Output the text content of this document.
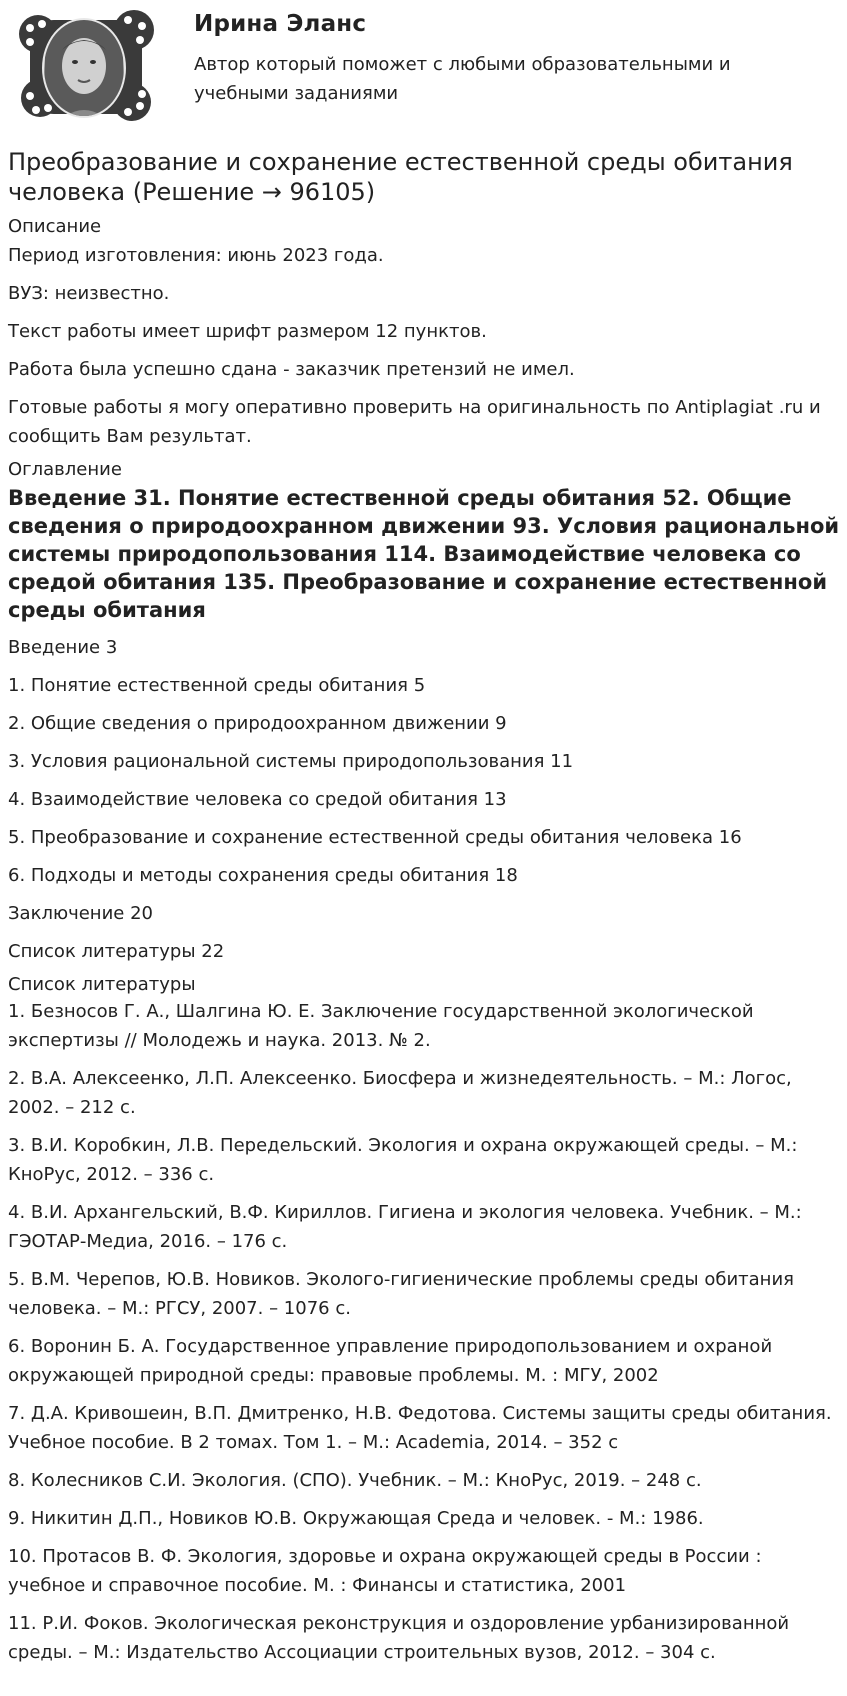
Ирина Эланс
Автор который поможет с любыми образовательными и учебными заданиями
Преобразование и сохранение естественной среды обитания человека (Решение → 96105)
Описание
Период изготовления: июнь 2023 года.
ВУЗ: неизвестно.
Текст работы имеет шрифт размером 12 пунктов.
Работа была успешно сдана - заказчик претензий не имел.
Готовые работы я могу оперативно проверить на оригинальность по Antiplagiat .ru и сообщить Вам результат.
Оглавление
Введение 31. Понятие естественной среды обитания 52. Общие сведения о природоохранном движении 93. Условия рациональной системы природопользования 114. Взаимодействие человека со средой обитания 135. Преобразование и сохранение естественной среды обитания
Введение 3
1. Понятие естественной среды обитания 5
2. Общие сведения о природоохранном движении 9
3. Условия рациональной системы природопользования 11
4. Взаимодействие человека со средой обитания 13
5. Преобразование и сохранение естественной среды обитания человека 16
6. Подходы и методы сохранения среды обитания 18
Заключение 20
Список литературы 22
Список литературы
1. Безносов Г. А., Шалгина Ю. Е. Заключение государственной экологической экспертизы // Молодежь и наука. 2013. № 2.
2. В.А. Алексеенко, Л.П. Алексеенко. Биосфера и жизнедеятельность. – М.: Логос, 2002. – 212 с.
3. В.И. Коробкин, Л.В. Передельский. Экология и охрана окружающей среды. – М.: КноРус, 2012. – 336 с.
4. В.И. Архангельский, В.Ф. Кириллов. Гигиена и экология человека. Учебник. – М.: ГЭОТАР-Медиа, 2016. – 176 с.
5. В.М. Черепов, Ю.В. Новиков. Эколого-гигиенические проблемы среды обитания человека. – М.: РГСУ, 2007. – 1076 с.
6. Воронин Б. А. Государственное управление природопользованием и охраной окружающей природной среды: правовые проблемы. М. : МГУ, 2002
7. Д.А. Кривошеин, В.П. Дмитренко, Н.В. Федотова. Системы защиты среды обитания. Учебное пособие. В 2 томах. Том 1. – М.: Academia, 2014. – 352 с
8. Колесников С.И. Экология. (СПО). Учебник. – М.: КноРус, 2019. – 248 с.
9. Никитин Д.П., Новиков Ю.В. Окружающая Среда и человек. - М.: 1986.
10. Протасов В. Ф. Экология, здоровье и охрана окружающей среды в России : учебное и справочное пособие. М. : Финансы и статистика, 2001
11. Р.И. Фоков. Экологическая реконструкция и оздоровление урбанизированной среды. – М.: Издательство Ассоциации строительных вузов, 2012. – 304 с.
